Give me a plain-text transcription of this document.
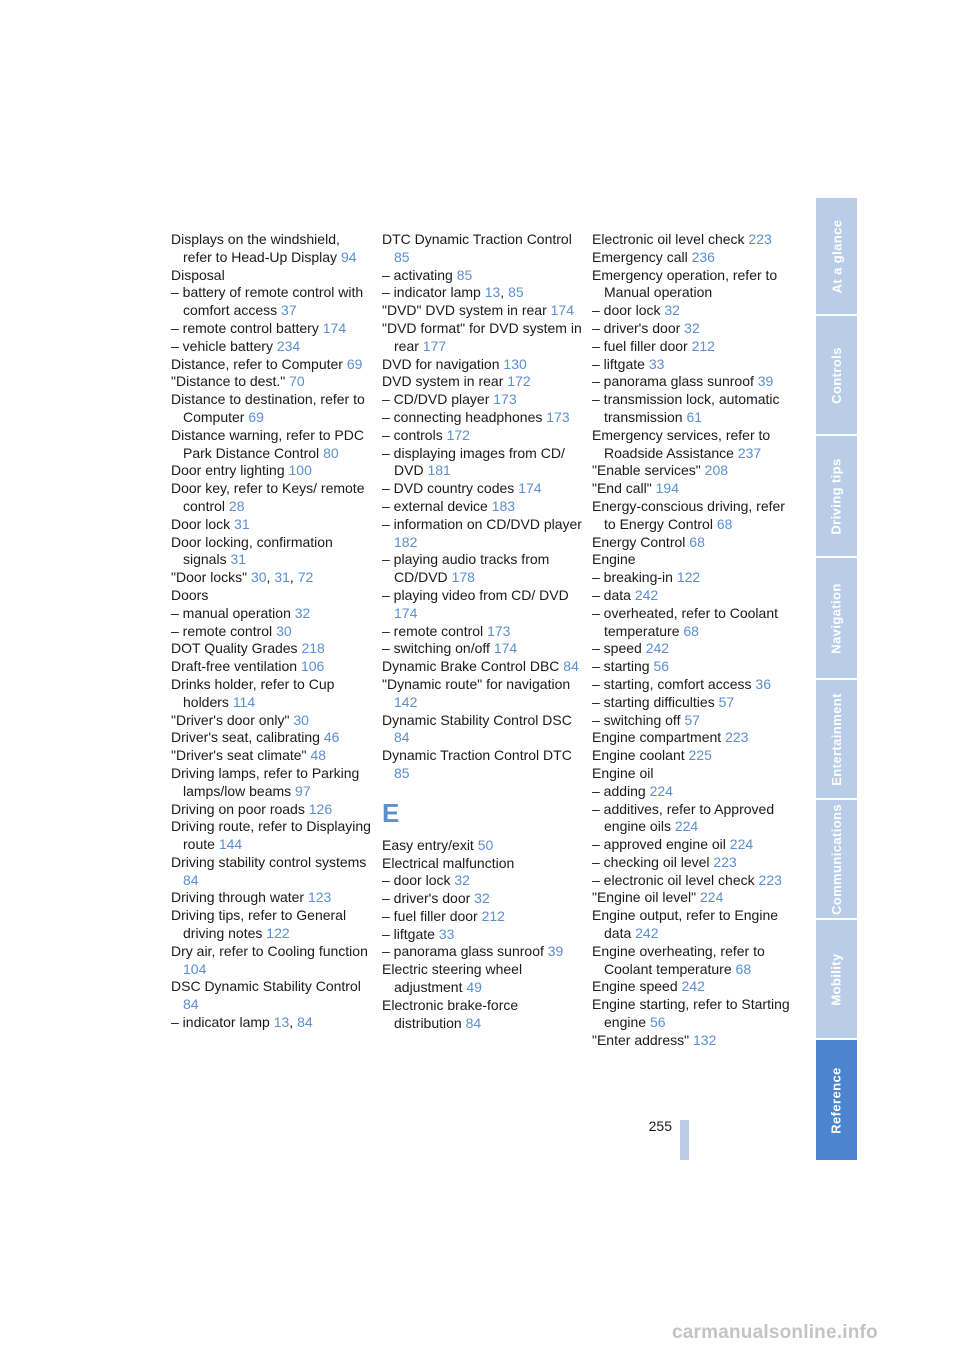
Displays on the windshield, refer to Head-Up Display 94
Disposal
– battery of remote control with comfort access 37
– remote control battery 174
– vehicle battery 234
Distance, refer to Computer 69
"Distance to dest." 70
Distance to destination, refer to Computer 69
Distance warning, refer to PDC Park Distance Control 80
Door entry lighting 100
Door key, refer to Keys/ remote control 28
Door lock 31
Door locking, confirmation signals 31
"Door locks" 30, 31, 72
Doors
– manual operation 32
– remote control 30
DOT Quality Grades 218
Draft-free ventilation 106
Drinks holder, refer to Cup holders 114
"Driver's door only" 30
Driver's seat, calibrating 46
"Driver's seat climate" 48
Driving lamps, refer to Parking lamps/low beams 97
Driving on poor roads 126
Driving route, refer to Displaying route 144
Driving stability control systems 84
Driving through water 123
Driving tips, refer to General driving notes 122
Dry air, refer to Cooling function 104
DSC Dynamic Stability Control 84
– indicator lamp 13, 84
DTC Dynamic Traction Control 85
– activating 85
– indicator lamp 13, 85
"DVD" DVD system in rear 174
"DVD format" for DVD system in rear 177
DVD for navigation 130
DVD system in rear 172
– CD/DVD player 173
– connecting headphones 173
– controls 172
– displaying images from CD/ DVD 181
– DVD country codes 174
– external device 183
– information on CD/DVD player 182
– playing audio tracks from CD/DVD 178
– playing video from CD/ DVD 174
– remote control 173
– switching on/off 174
Dynamic Brake Control DBC 84
"Dynamic route" for navigation 142
Dynamic Stability Control DSC 84
Dynamic Traction Control DTC 85
E
Easy entry/exit 50
Electrical malfunction
– door lock 32
– driver's door 32
– fuel filler door 212
– liftgate 33
– panorama glass sunroof 39
Electric steering wheel adjustment 49
Electronic brake-force distribution 84
Electronic oil level check 223
Emergency call 236
Emergency operation, refer to Manual operation
– door lock 32
– driver's door 32
– fuel filler door 212
– liftgate 33
– panorama glass sunroof 39
– transmission lock, automatic transmission 61
Emergency services, refer to Roadside Assistance 237
"Enable services" 208
"End call" 194
Energy-conscious driving, refer to Energy Control 68
Energy Control 68
Engine
– breaking-in 122
– data 242
– overheated, refer to Coolant temperature 68
– speed 242
– starting 56
– starting, comfort access 36
– starting difficulties 57
– switching off 57
Engine compartment 223
Engine coolant 225
Engine oil
– adding 224
– additives, refer to Approved engine oils 224
– approved engine oil 224
– checking oil level 223
– electronic oil level check 223
"Engine oil level" 224
Engine output, refer to Engine data 242
Engine overheating, refer to Coolant temperature 68
Engine speed 242
Engine starting, refer to Starting engine 56
"Enter address" 132
At a glance
Controls
Driving tips
Navigation
Entertainment
Communications
Mobility
Reference
255
carmanualsonline.info
